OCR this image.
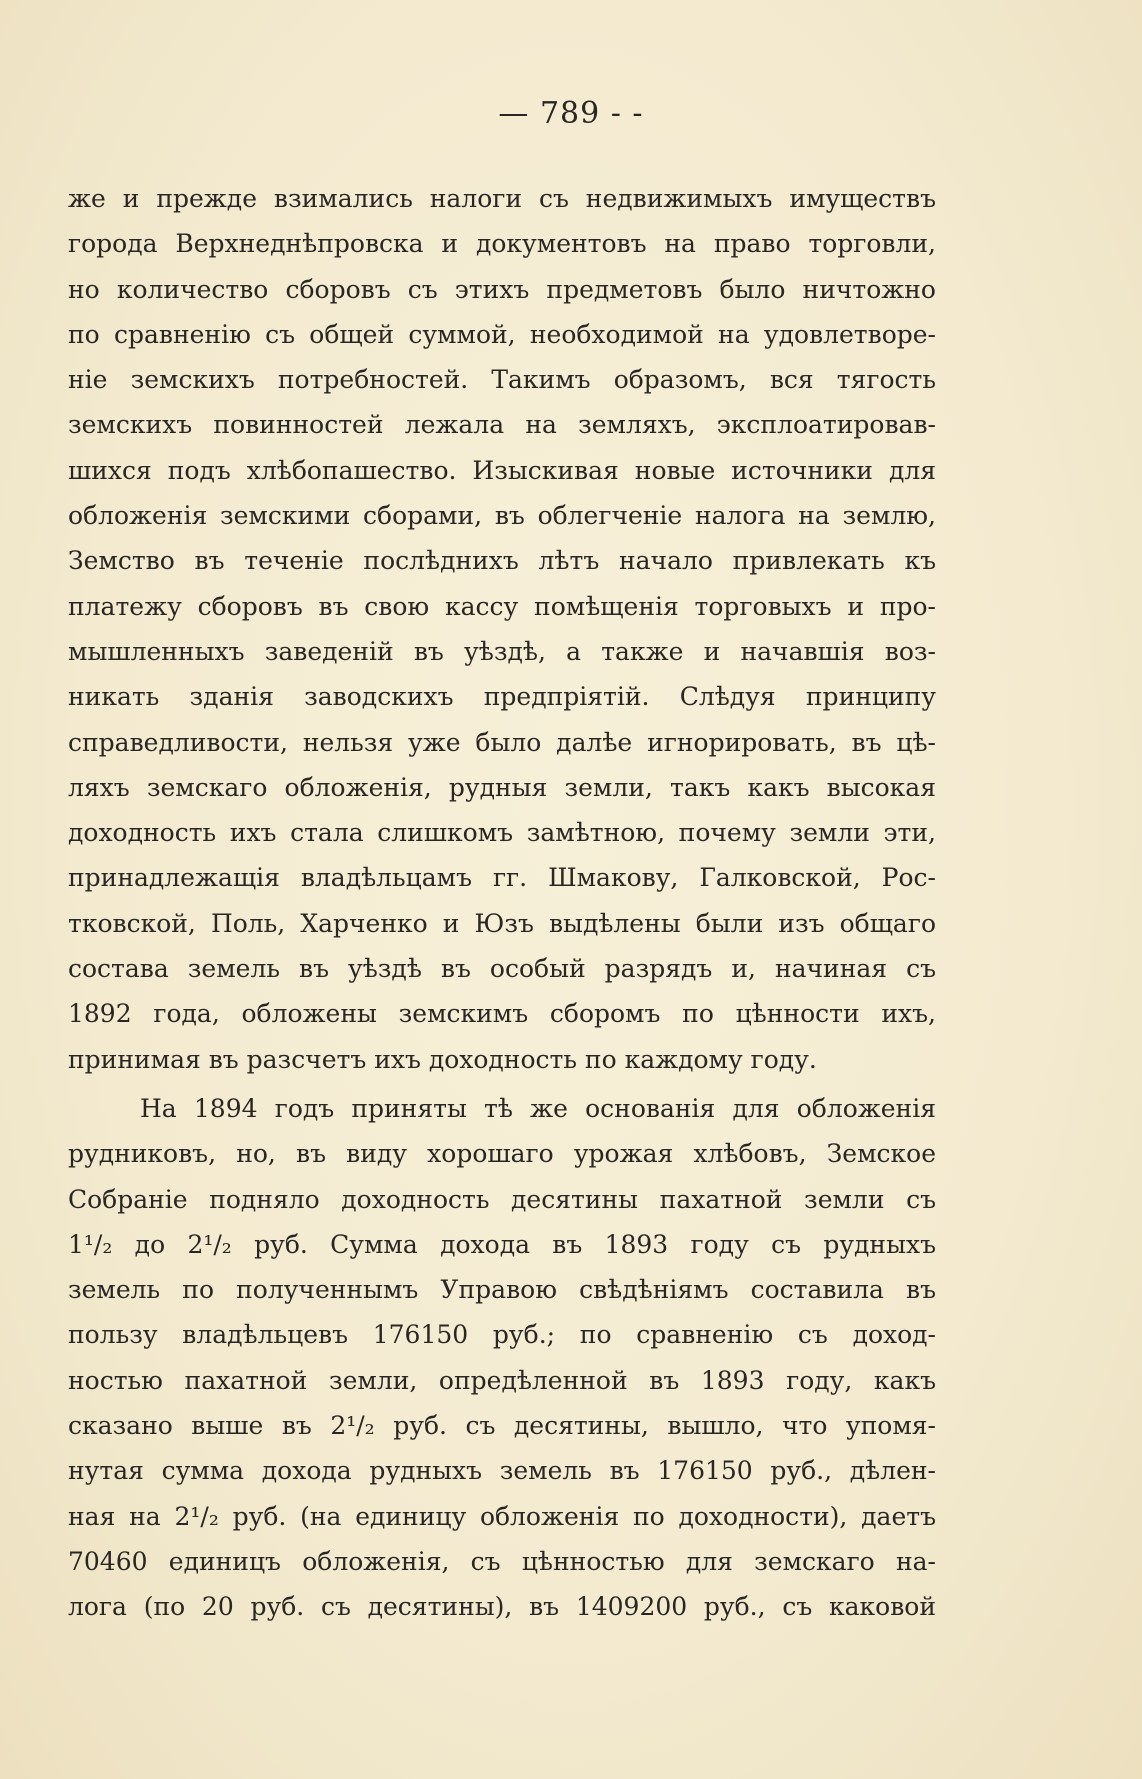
— 789 - -
же и прежде взимались налоги съ недвижимыхъ имуществъ
города Верхнеднѣпровска и документовъ на право торговли,
но количество сборовъ съ этихъ предметовъ было ничтожно
по сравненію съ общей суммой, необходимой на удовлетворе-
ніе земскихъ потребностей. Такимъ образомъ, вся тягость
земскихъ повинностей лежала на земляхъ, эксплоатировав-
шихся подъ хлѣбопашество. Изыскивая новые источники для
обложенія земскими сборами, въ облегченіе налога на землю,
Земство въ теченіе послѣднихъ лѣтъ начало привлекать къ
платежу сборовъ въ свою кассу помѣщенія торговыхъ и про-
мышленныхъ заведеній въ уѣздѣ, а также и начавшія воз-
никать зданія заводскихъ предпріятій. Слѣдуя принципу
справедливости, нельзя уже было далѣе игнорировать, въ цѣ-
ляхъ земскаго обложенія, рудныя земли, такъ какъ высокая
доходность ихъ стала слишкомъ замѣтною, почему земли эти,
принадлежащія владѣльцамъ гг. Шмакову, Галковской, Рос-
тковской, Поль, Харченко и Юзъ выдѣлены были изъ общаго
состава земель въ уѣздѣ въ особый разрядъ и, начиная съ
1892 года, обложены земскимъ сборомъ по цѣнности ихъ,
принимая въ разсчетъ ихъ доходность по каждому году.
На 1894 годъ приняты тѣ же основанія для обложенія
рудниковъ, но, въ виду хорошаго урожая хлѣбовъ, Земское
Собраніе подняло доходность десятины пахатной земли съ
1¹/₂ до 2¹/₂ руб. Сумма дохода въ 1893 году съ рудныхъ
земель по полученнымъ Управою свѣдѣніямъ составила въ
пользу владѣльцевъ 176150 руб.; по сравненію съ доход-
ностью пахатной земли, опредѣленной въ 1893 году, какъ
сказано выше въ 2¹/₂ руб. съ десятины, вышло, что упомя-
нутая сумма дохода рудныхъ земель въ 176150 руб., дѣлен-
ная на 2¹/₂ руб. (на единицу обложенія по доходности), даетъ
70460 единицъ обложенія, съ цѣнностью для земскаго на-
лога (по 20 руб. съ десятины), въ 1409200 руб., съ каковой
